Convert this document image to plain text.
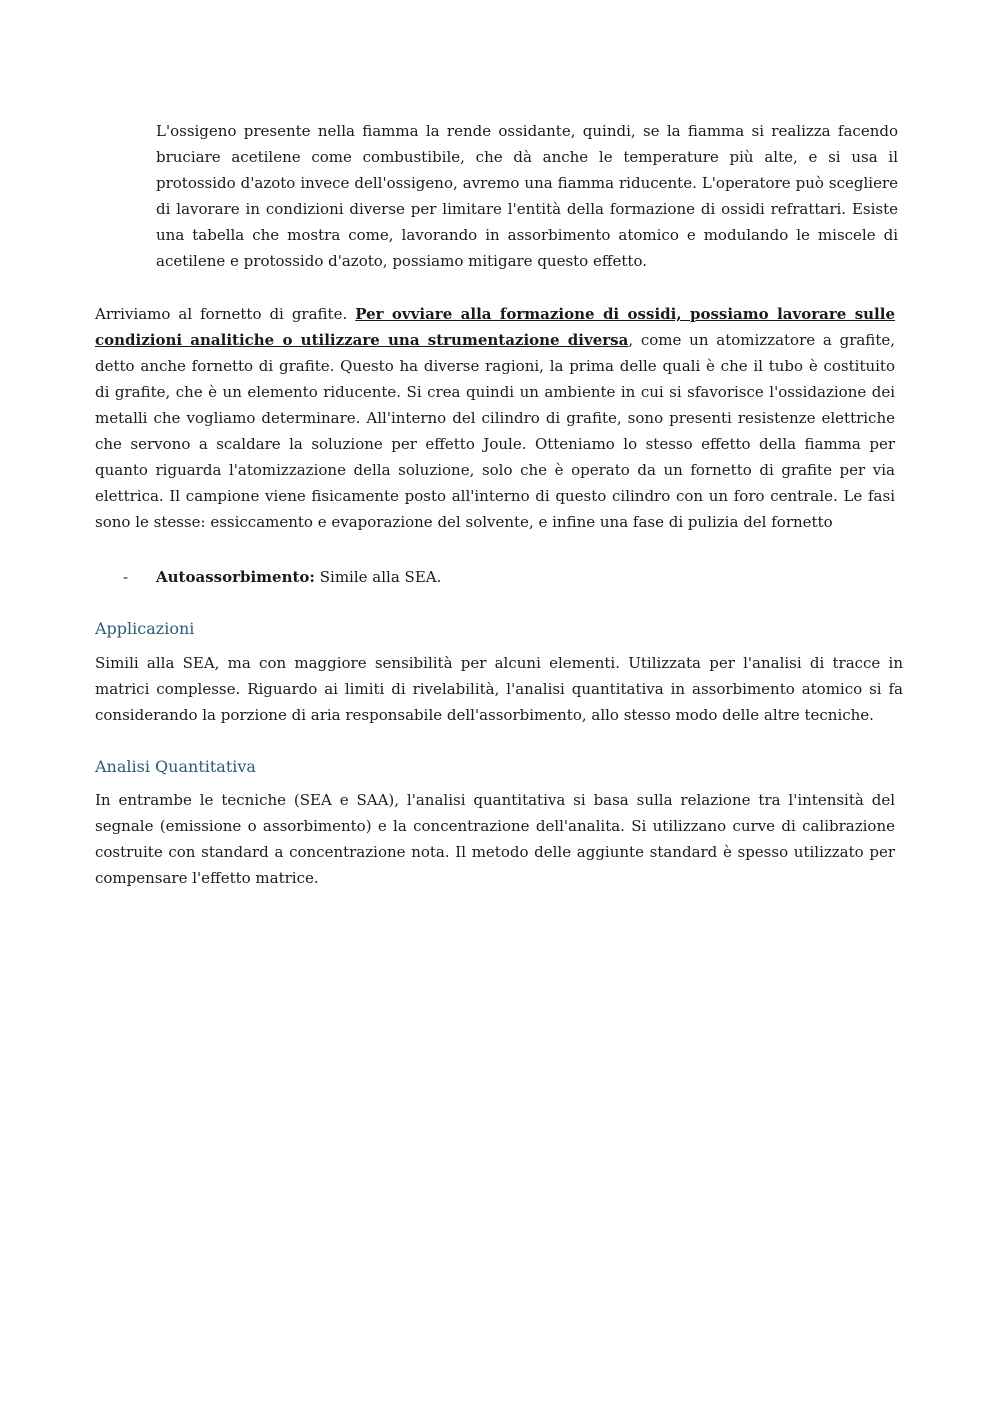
L'ossigeno presente nella fiamma la rende ossidante, quindi, se la fiamma si realizza facendo bruciare acetilene come combustibile, che dà anche le temperature più alte, e si usa il protossido d'azoto invece dell'ossigeno, avremo una fiamma riducente. L'operatore può scegliere di lavorare in condizioni diverse per limitare l'entità della formazione di ossidi refrattari. Esiste una tabella che mostra come, lavorando in assorbimento atomico e modulando le miscele di acetilene e protossido d'azoto, possiamo mitigare questo effetto.

Arriviamo al fornetto di grafite. Per ovviare alla formazione di ossidi, possiamo lavorare sulle condizioni analitiche o utilizzare una strumentazione diversa, come un atomizzatore a grafite, detto anche fornetto di grafite. Questo ha diverse ragioni, la prima delle quali è che il tubo è costituito di grafite, che è un elemento riducente. Si crea quindi un ambiente in cui si sfavorisce l'ossidazione dei metalli che vogliamo determinare. All'interno del cilindro di grafite, sono presenti resistenze elettriche che servono a scaldare la soluzione per effetto Joule. Otteniamo lo stesso effetto della fiamma per quanto riguarda l'atomizzazione della soluzione, solo che è operato da un fornetto di grafite per via elettrica. Il campione viene fisicamente posto all'interno di questo cilindro con un foro centrale. Le fasi sono le stesse: essiccamento e evaporazione del solvente, e infine una fase di pulizia del fornetto

- Autoassorbimento: Simile alla SEA.
Applicazioni

Simili alla SEA, ma con maggiore sensibilità per alcuni elementi. Utilizzata per l'analisi di tracce in matrici complesse. Riguardo ai limiti di rivelabilità, l'analisi quantitativa in assorbimento atomico si fa considerando la porzione di aria responsabile dell'assorbimento, allo stesso modo delle altre tecniche.

Analisi Quantitativa

In entrambe le tecniche (SEA e SAA), l'analisi quantitativa si basa sulla relazione tra l'intensità del segnale (emissione o assorbimento) e la concentrazione dell'analita. Si utilizzano curve di calibrazione costruite con standard a concentrazione nota. Il metodo delle aggiunte standard è spesso utilizzato per compensare l'effetto matrice.
